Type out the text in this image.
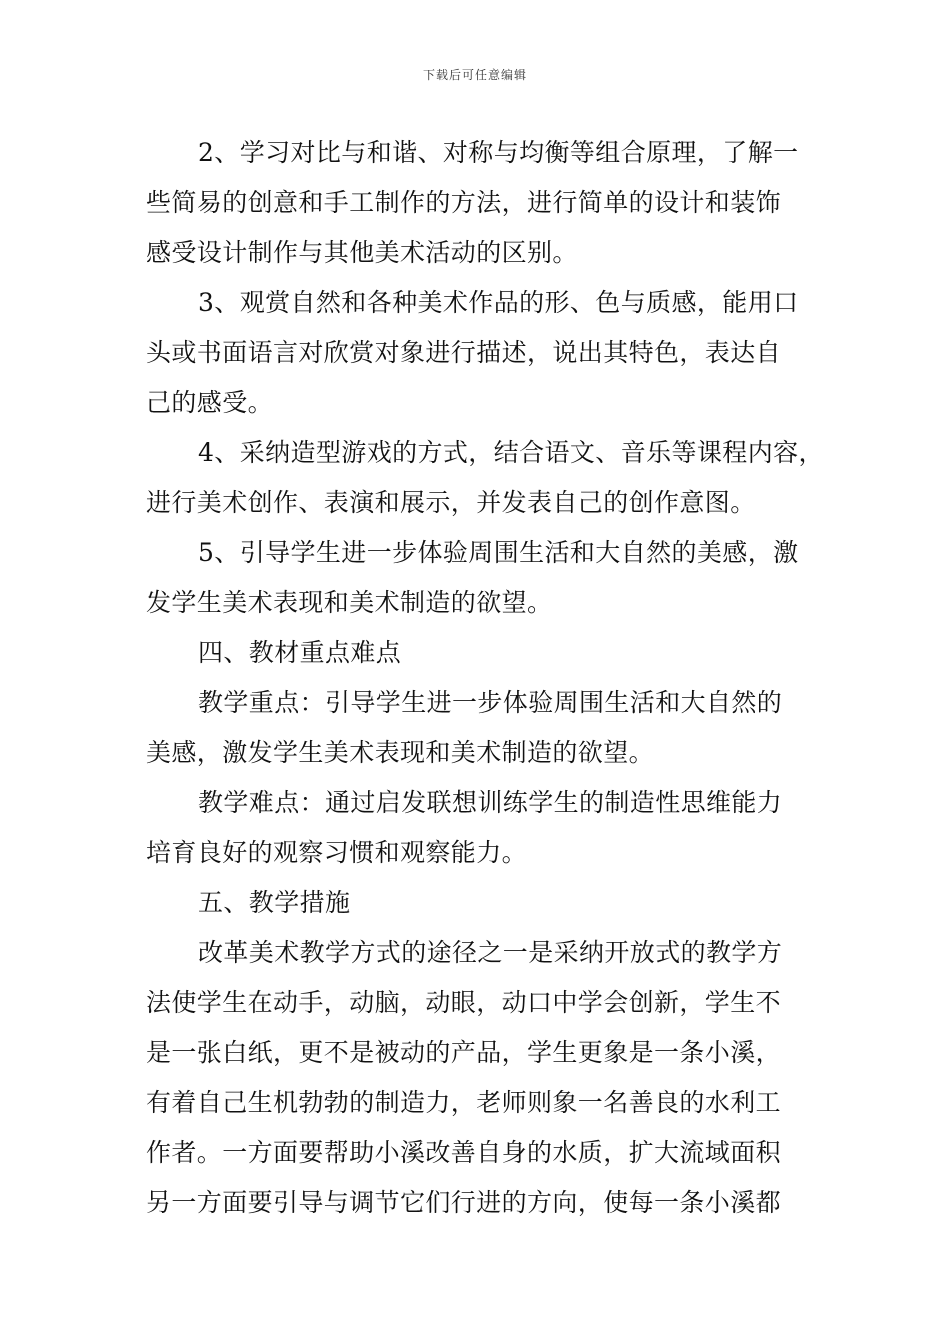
下载后可任意编辑
2、学习对比与和谐、对称与均衡等组合原理，了解一
些简易的创意和手工制作的方法，进行简单的设计和装饰
感受设计制作与其他美术活动的区别。
3、观赏自然和各种美术作品的形、色与质感，能用口
头或书面语言对欣赏对象进行描述，说出其特色，表达自
己的感受。
4、采纳造型游戏的方式，结合语文、音乐等课程内容，
进行美术创作、表演和展示，并发表自己的创作意图。
5、引导学生进一步体验周围生活和大自然的美感，激
发学生美术表现和美术制造的欲望。
四、教材重点难点
教学重点：引导学生进一步体验周围生活和大自然的
美感，激发学生美术表现和美术制造的欲望。
教学难点：通过启发联想训练学生的制造性思维能力
培育良好的观察习惯和观察能力。
五、教学措施
改革美术教学方式的途径之一是采纳开放式的教学方
法使学生在动手，动脑，动眼，动口中学会创新，学生不
是一张白纸，更不是被动的产品，学生更象是一条小溪，
有着自己生机勃勃的制造力，老师则象一名善良的水利工
作者。一方面要帮助小溪改善自身的水质，扩大流域面积
另一方面要引导与调节它们行进的方向，使每一条小溪都
